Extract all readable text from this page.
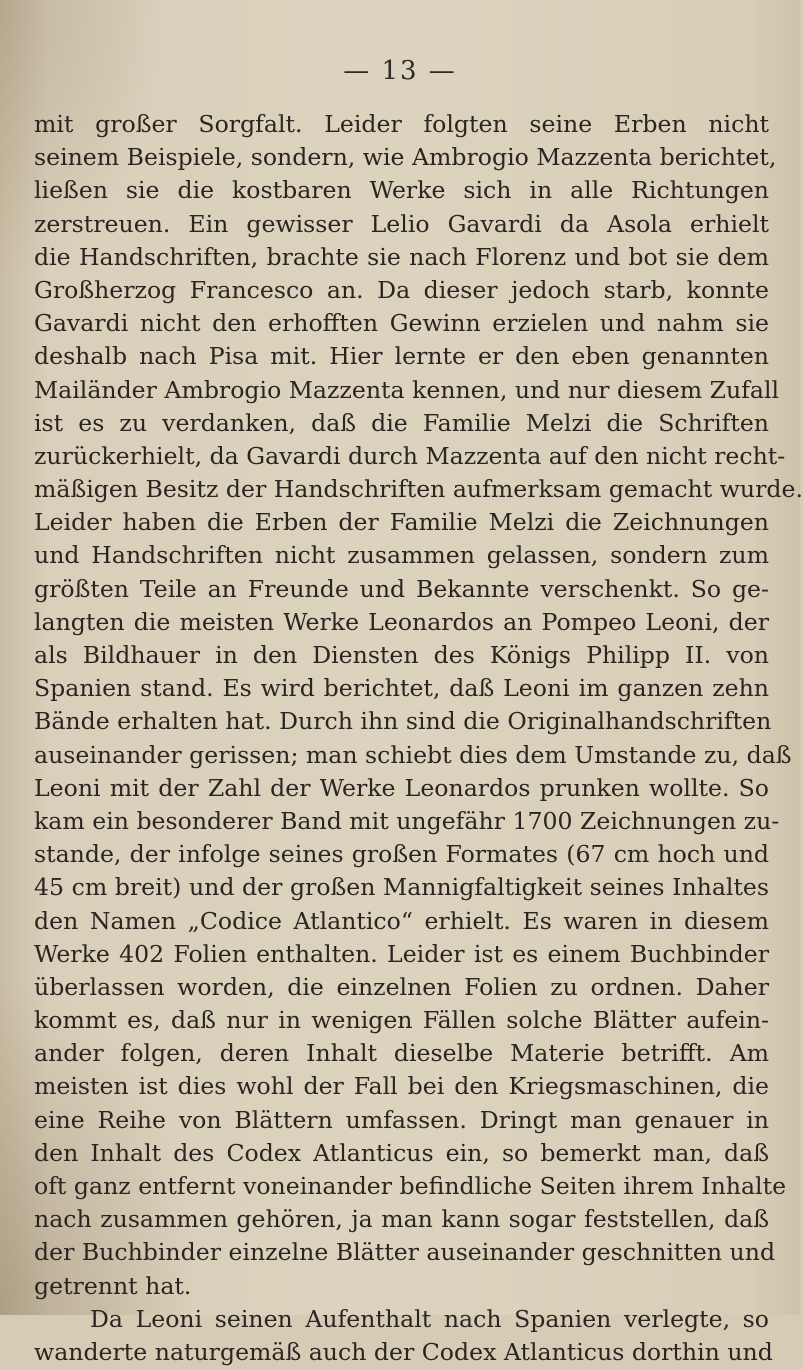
— 13 —
mit großer Sorgfalt. Leider folgten seine Erben nicht
seinem Beispiele, sondern, wie Ambrogio Mazzenta berichtet,
ließen sie die kostbaren Werke sich in alle Richtungen
zerstreuen. Ein gewisser Lelio Gavardi da Asola erhielt
die Handschriften, brachte sie nach Florenz und bot sie dem
Großherzog Francesco an. Da dieser jedoch starb, konnte
Gavardi nicht den erhofften Gewinn erzielen und nahm sie
deshalb nach Pisa mit. Hier lernte er den eben genannten
Mailänder Ambrogio Mazzenta kennen, und nur diesem Zufall
ist es zu verdanken, daß die Familie Melzi die Schriften
zurückerhielt, da Gavardi durch Mazzenta auf den nicht recht-
mäßigen Besitz der Handschriften aufmerksam gemacht wurde.
Leider haben die Erben der Familie Melzi die Zeichnungen
und Handschriften nicht zusammen gelassen, sondern zum
größten Teile an Freunde und Bekannte verschenkt. So ge-
langten die meisten Werke Leonardos an Pompeo Leoni, der
als Bildhauer in den Diensten des Königs Philipp II. von
Spanien stand. Es wird berichtet, daß Leoni im ganzen zehn
Bände erhalten hat. Durch ihn sind die Originalhandschriften
auseinander gerissen; man schiebt dies dem Umstande zu, daß
Leoni mit der Zahl der Werke Leonardos prunken wollte. So
kam ein besonderer Band mit ungefähr 1700 Zeichnungen zu-
stande, der infolge seines großen Formates (67 cm hoch und
45 cm breit) und der großen Mannigfaltigkeit seines Inhaltes
den Namen „Codice Atlantico“ erhielt. Es waren in diesem
Werke 402 Folien enthalten. Leider ist es einem Buchbinder
überlassen worden, die einzelnen Folien zu ordnen. Daher
kommt es, daß nur in wenigen Fällen solche Blätter aufein-
ander folgen, deren Inhalt dieselbe Materie betrifft. Am
meisten ist dies wohl der Fall bei den Kriegsmaschinen, die
eine Reihe von Blättern umfassen. Dringt man genauer in
den Inhalt des Codex Atlanticus ein, so bemerkt man, daß
oft ganz entfernt voneinander befindliche Seiten ihrem Inhalte
nach zusammen gehören, ja man kann sogar feststellen, daß
der Buchbinder einzelne Blätter auseinander geschnitten und
getrennt hat.
Da Leoni seinen Aufenthalt nach Spanien verlegte, so
wanderte naturgemäß auch der Codex Atlanticus dorthin und
